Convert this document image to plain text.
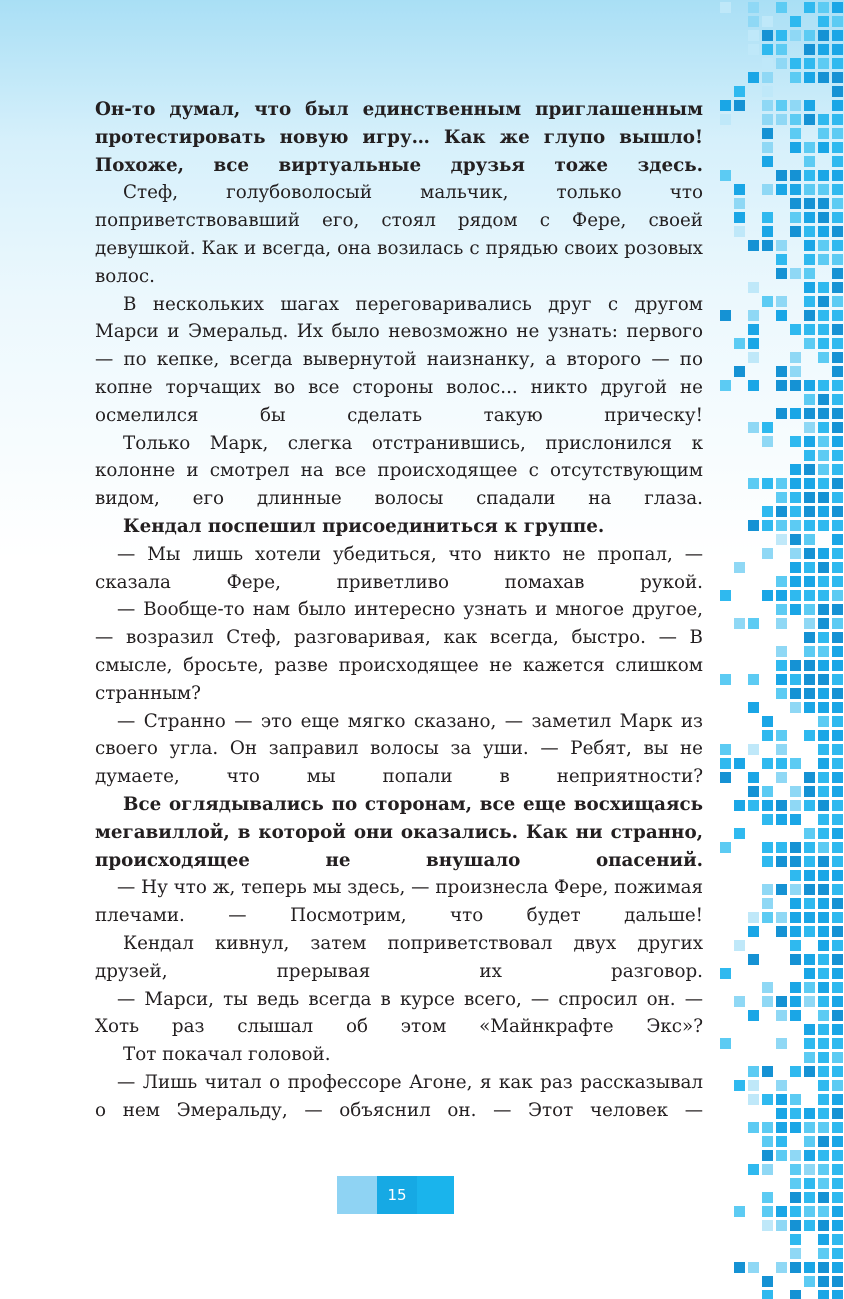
Он-то думал, что был единственным приглашенным протестировать новую игру… Как же глупо вышло! Похоже, все виртуальные друзья тоже здесь.

Стеф, голубоволосый мальчик, только что поприветствовавший его, стоял рядом с Фере, своей девушкой. Как и всегда, она возилась с прядью своих розовых волос.

В нескольких шагах переговаривались друг с другом Марси и Эмеральд. Их было невозможно не узнать: первого — по кепке, всегда вывернутой наизнанку, а второго — по копне торчащих во все стороны волос... никто другой не осмелился бы сделать такую прическу!

Только Марк, слегка отстранившись, прислонился к колонне и смотрел на все происходящее с отсутствующим видом, его длинные волосы спадали на глаза.

Кендал поспешил присоединиться к группе.

— Мы лишь хотели убедиться, что никто не пропал, — сказала Фере, приветливо помахав рукой.

— Вообще-то нам было интересно узнать и многое другое, — возразил Стеф, разговаривая, как всегда, быстро. — В смысле, бросьте, разве происходящее не кажется слишком странным?

— Странно — это еще мягко сказано, — заметил Марк из своего угла. Он заправил волосы за уши. — Ребят, вы не думаете, что мы попали в неприятности?

Все оглядывались по сторонам, все еще восхищаясь мегавиллой, в которой они оказались. Как ни странно, происходящее не внушало опасений.

— Ну что ж, теперь мы здесь, — произнесла Фере, пожимая плечами. — Посмотрим, что будет дальше!

Кендал кивнул, затем поприветствовал двух других друзей, прерывая их разговор.

— Марси, ты ведь всегда в курсе всего, — спросил он. — Хоть раз слышал об этом «Майнкрафте Экс»?

Тот покачал головой.

— Лишь читал о профессоре Агоне, я как раз рассказывал о нем Эмеральду, — объяснил он. — Этот человек —

15
